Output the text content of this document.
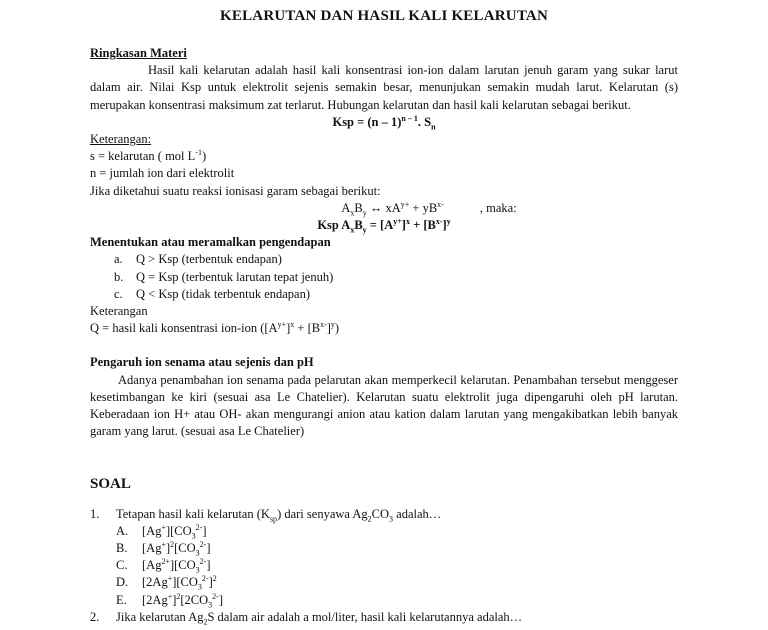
KELARUTAN DAN HASIL KALI KELARUTAN
Ringkasan Materi

Hasil kali kelarutan adalah hasil kali konsentrasi ion-ion dalam larutan jenuh garam yang sukar larut dalam air. Nilai Ksp untuk elektrolit sejenis semakin besar, menunjukan semakin mudah larut. Kelarutan (s) merupakan konsentrasi maksimum zat terlarut. Hubungan kelarutan dan hasil kali kelarutan sebagai berikut.

Ksp = (n – 1)$^{n - 1}$. $S_n$
Keterangan:
s = kelarutan ( mol $L^{-1}$)
n = jumlah ion dari elektrolit
Jika diketahui suatu reaksi ionisasi garam sebagai berikut:
$A_xB_y$ ↔ $xA^{y+} + yB^{x-}$	, maka:
Ksp $A_xB_y = [A^{y+}]^x + [B^{x-}]^y$
Menentukan atau meramalkan pengendapan
a.	Q > Ksp (terbentuk endapan)
b.	Q = Ksp (terbentuk larutan tepat jenuh)
c.	Q < Ksp (tidak terbentuk endapan)
Keterangan
Q = hasil kali konsentrasi ion-ion $([A^{y+}]^x + [B^{x-}]^y)$
Pengaruh ion senama atau sejenis dan pH

Adanya penambahan ion senama pada pelarutan akan memperkecil kelarutan. Penambahan tersebut menggeser kesetimbangan ke kiri (sesuai asa Le Chatelier). Kelarutan suatu elektrolit juga dipengaruhi oleh pH larutan. Keberadaan ion H+ atau OH- akan mengurangi anion atau kation dalam larutan yang mengakibatkan lebih banyak garam yang larut. (sesuai asa Le Chatelier)

SOAL
1.	Tetapan hasil kali kelarutan $(K_{sp})$ dari senyawa $Ag_2CO_3$ adalah…
A.	$[Ag^+][CO_3^{2-}]$
B.	$[Ag^+]^2[CO_3^{2-}]$
C.	$[Ag^{2+}][CO_3^{2-}]$
D.	$[2Ag^+][CO_3^{2-}]^2$
E.	$[2Ag^+]^2[2CO_3^{2-}]$
2.	Jika kelarutan $Ag_2S$ dalam air adalah a mol/liter, hasil kali kelarutannya adalah…
